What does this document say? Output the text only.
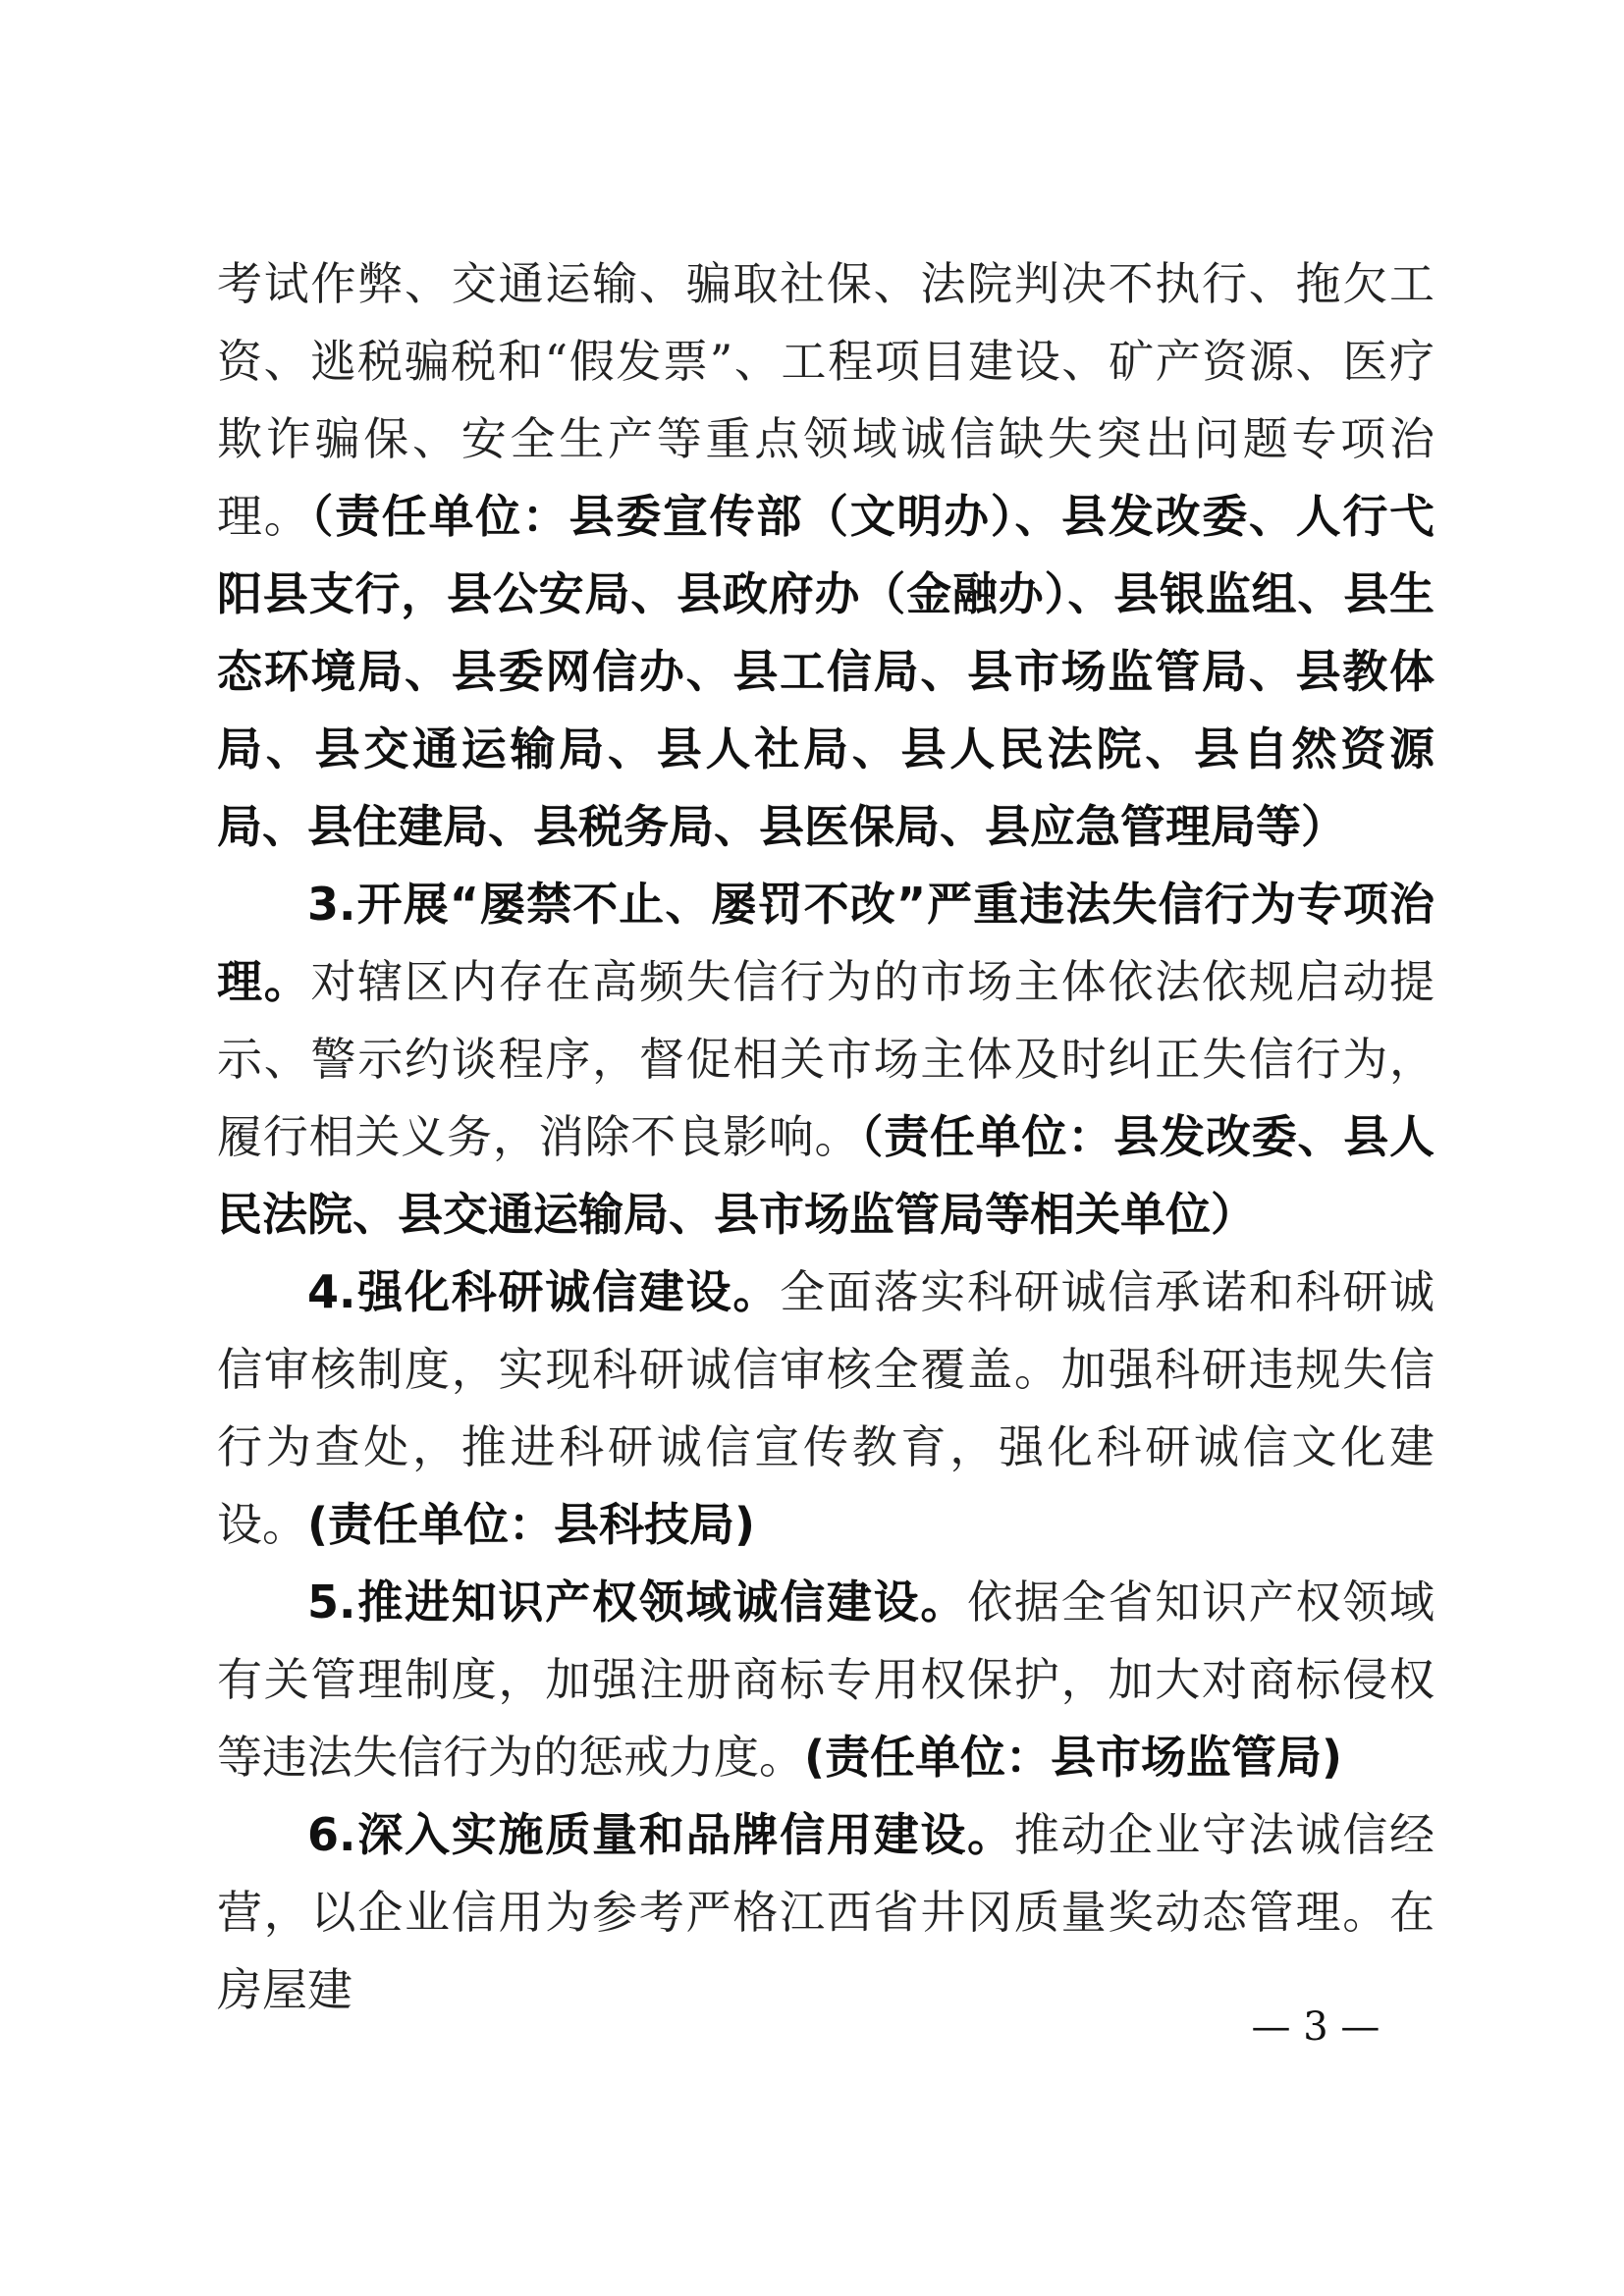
考试作弊、交通运输、骗取社保、法院判决不执行、拖欠工资、逃税骗税和“假发票”、工程项目建设、矿产资源、医疗欺诈骗保、安全生产等重点领域诚信缺失突出问题专项治理。（责任单位：县委宣传部（文明办）、县发改委、人行弋阳县支行，县公安局、县政府办（金融办）、县银监组、县生态环境局、县委网信办、县工信局、县市场监管局、县教体局、县交通运输局、县人社局、县人民法院、县自然资源局、县住建局、县税务局、县医保局、县应急管理局等）

3.开展“屡禁不止、屡罚不改”严重违法失信行为专项治理。对辖区内存在高频失信行为的市场主体依法依规启动提示、警示约谈程序，督促相关市场主体及时纠正失信行为，履行相关义务，消除不良影响。（责任单位：县发改委、县人民法院、县交通运输局、县市场监管局等相关单位）

4.强化科研诚信建设。全面落实科研诚信承诺和科研诚信审核制度，实现科研诚信审核全覆盖。加强科研违规失信行为查处，推进科研诚信宣传教育，强化科研诚信文化建设。(责任单位：县科技局)

5.推进知识产权领域诚信建设。依据全省知识产权领域有关管理制度，加强注册商标专用权保护，加大对商标侵权等违法失信行为的惩戒力度。(责任单位：县市场监管局)

6.深入实施质量和品牌信用建设。推动企业守法诚信经营，以企业信用为参考严格江西省井冈质量奖动态管理。在房屋建

— 3 —
